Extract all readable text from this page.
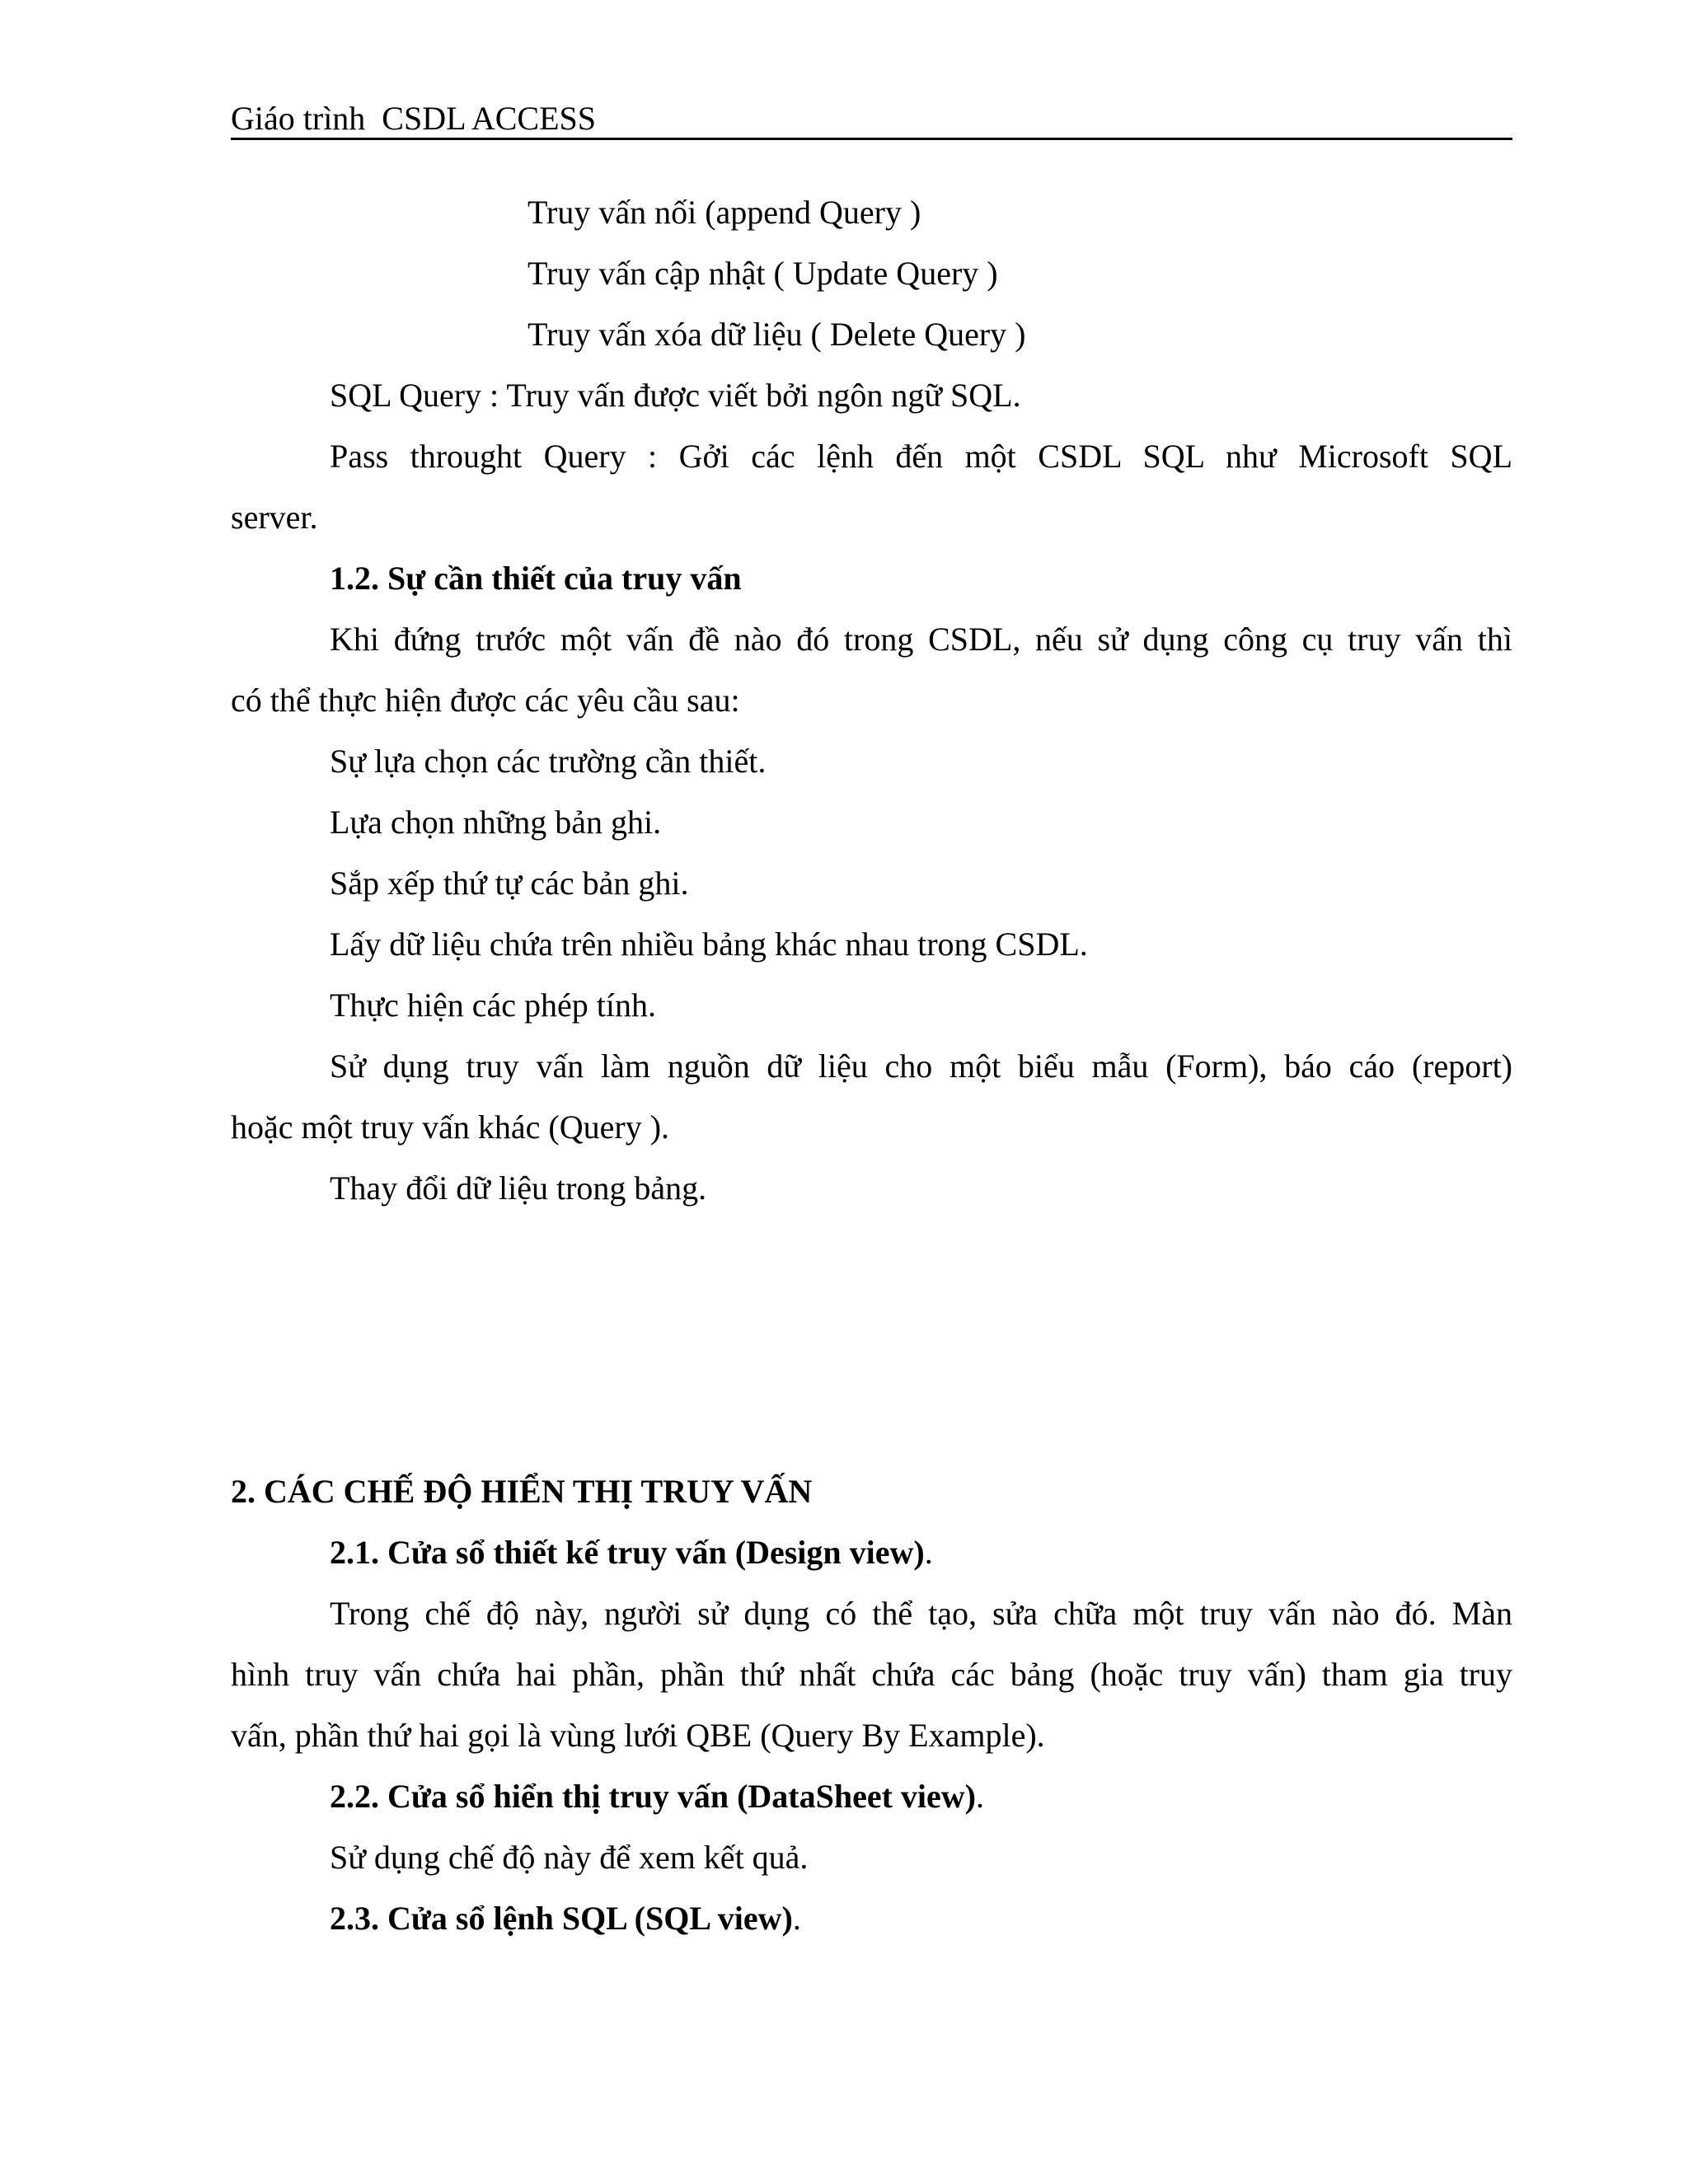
Giáo trình  CSDL ACCESS
Truy vấn nối (append Query )
Truy vấn cập nhật ( Update Query )
Truy vấn xóa dữ liệu ( Delete Query )
SQL Query : Truy vấn được viết bởi ngôn ngữ SQL.
Pass throught Query : Gởi các lệnh đến một CSDL SQL như Microsoft SQL
server.
1.2. Sự cần thiết của truy vấn
Khi đứng trước một vấn đề nào đó trong CSDL, nếu sử dụng công cụ truy vấn thì
có thể thực hiện được các yêu cầu sau:
Sự lựa chọn các trường cần thiết.
Lựa chọn những bản ghi.
Sắp xếp thứ tự các bản ghi.
Lấy dữ liệu chứa trên nhiều bảng khác nhau trong CSDL.
Thực hiện các phép tính.
Sử dụng truy vấn làm nguồn dữ liệu cho một biểu mẫu (Form), báo cáo (report)
hoặc một truy vấn khác (Query ).
Thay đổi dữ liệu trong bảng.
2. CÁC CHẾ ĐỘ HIỂN THỊ TRUY VẤN
2.1. Cửa sổ thiết kế truy vấn (Design view).
Trong chế độ này, người sử dụng có thể tạo, sửa chữa một truy vấn nào đó. Màn
hình truy vấn chứa hai phần, phần thứ nhất chứa các bảng (hoặc truy vấn) tham gia truy
vấn, phần thứ hai gọi là vùng lưới QBE (Query By Example).
2.2. Cửa sổ hiển thị truy vấn (DataSheet view).
Sử dụng chế độ này để xem kết quả.
2.3. Cửa sổ lệnh SQL (SQL view).
